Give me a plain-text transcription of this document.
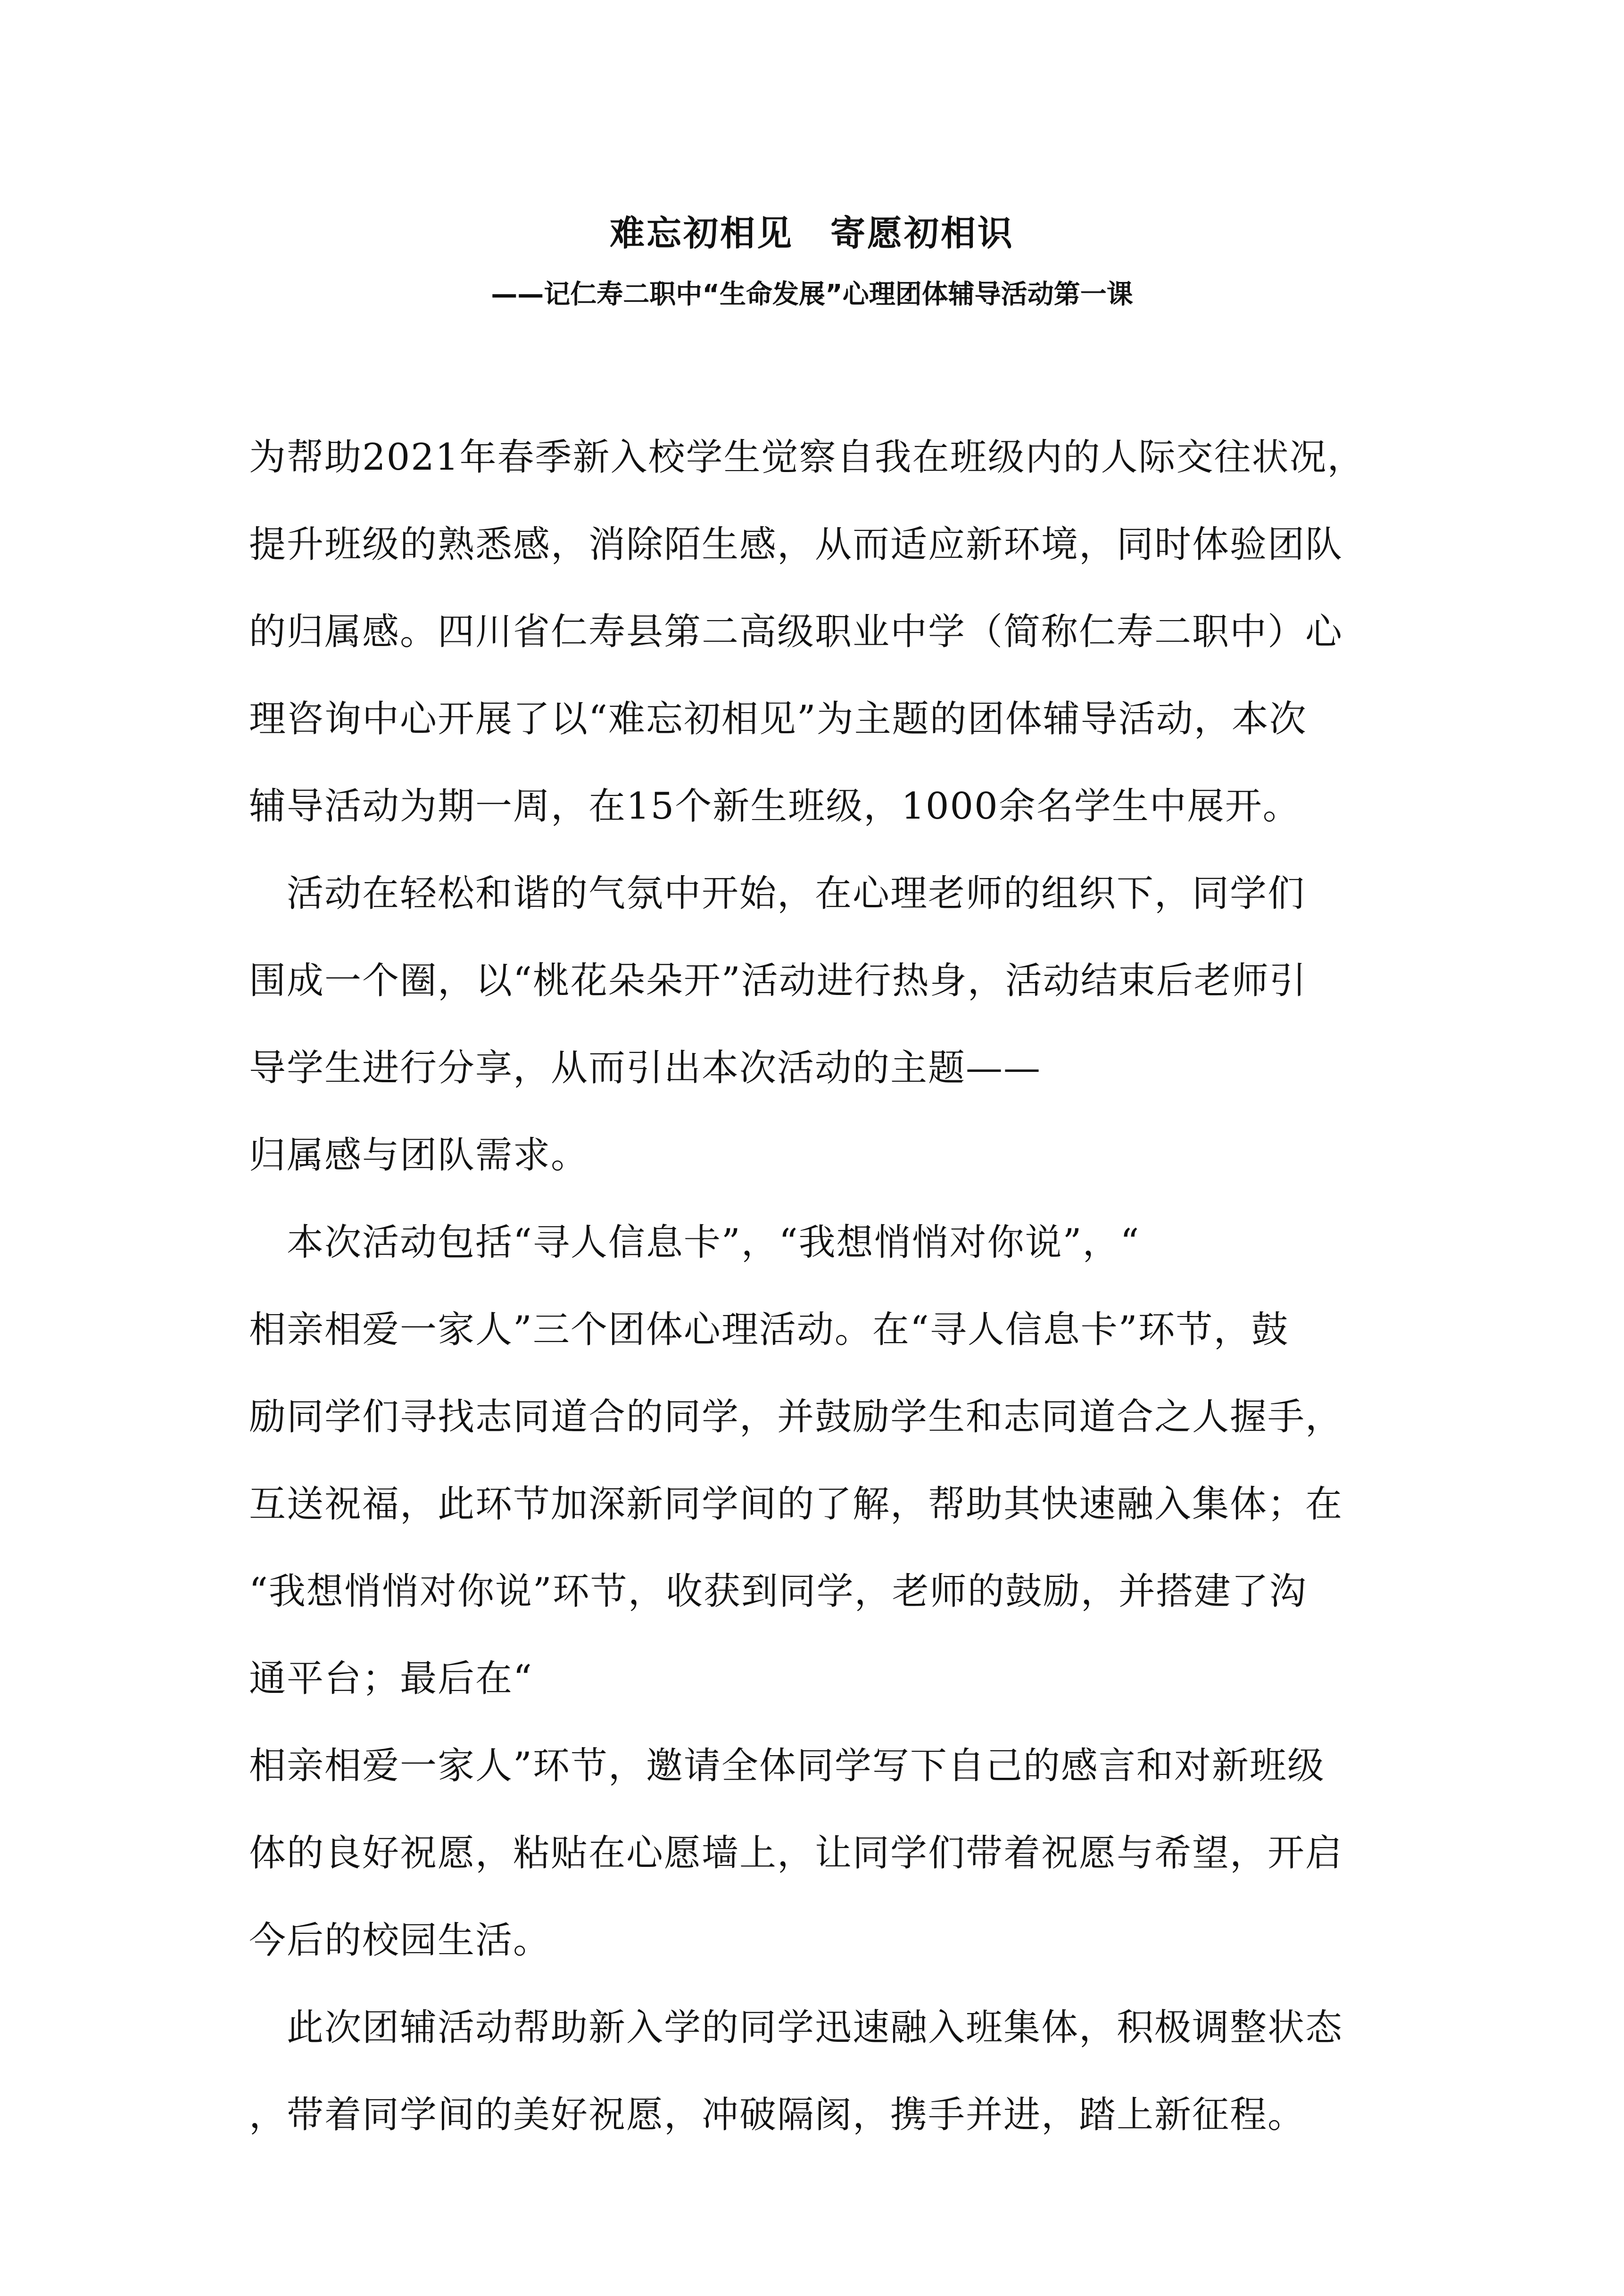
难忘初相见　寄愿初相识
——记仁寿二职中“生命发展”心理团体辅导活动第一课
为帮助2021年春季新入校学生觉察自我在班级内的人际交往状况，
提升班级的熟悉感，消除陌生感，从而适应新环境，同时体验团队
的归属感。四川省仁寿县第二高级职业中学（简称仁寿二职中）心
理咨询中心开展了以“难忘初相见”为主题的团体辅导活动，本次
辅导活动为期一周，在15个新生班级，1000余名学生中展开。
　活动在轻松和谐的气氛中开始，在心理老师的组织下，同学们
围成一个圈，以“桃花朵朵开”活动进行热身，活动结束后老师引
导学生进行分享，从而引出本次活动的主题——
归属感与团队需求。
　本次活动包括“寻人信息卡”，“我想悄悄对你说”，“
相亲相爱一家人”三个团体心理活动。在“寻人信息卡”环节，鼓
励同学们寻找志同道合的同学，并鼓励学生和志同道合之人握手，
互送祝福，此环节加深新同学间的了解，帮助其快速融入集体；在
“我想悄悄对你说”环节，收获到同学，老师的鼓励，并搭建了沟
通平台；最后在“
相亲相爱一家人”环节，邀请全体同学写下自己的感言和对新班级
体的良好祝愿，粘贴在心愿墙上，让同学们带着祝愿与希望，开启
今后的校园生活。
　此次团辅活动帮助新入学的同学迅速融入班集体，积极调整状态
，带着同学间的美好祝愿，冲破隔阂，携手并进，踏上新征程。
